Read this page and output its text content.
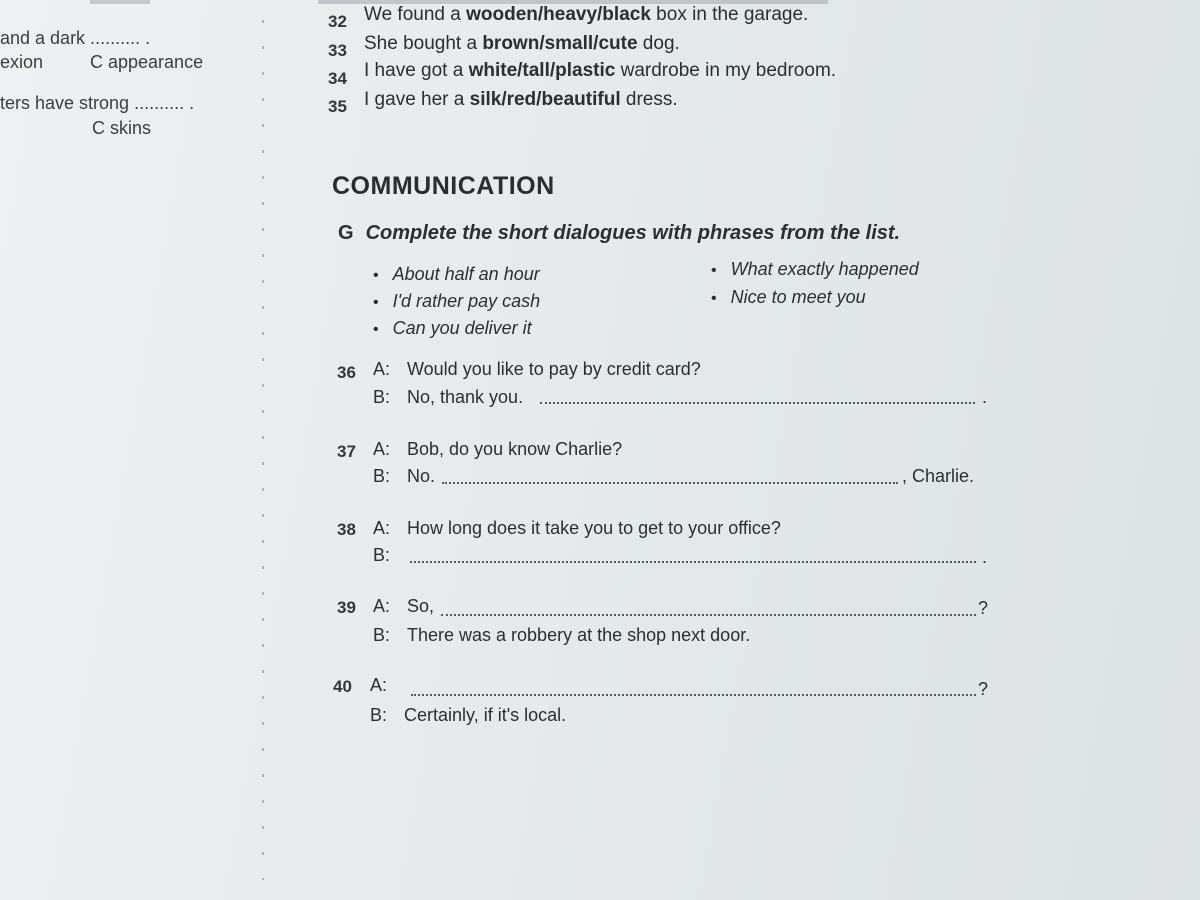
and a dark .......... .
exion	C appearance
ters have strong .......... .
C skins
32 We found a wooden/heavy/black box in the garage.
33 She bought a brown/small/cute dog.
34 I have got a white/tall/plastic wardrobe in my bedroom.
35 I gave her a silk/red/beautiful dress.
COMMUNICATION
G Complete the short dialogues with phrases from the list.
• About half an hour
• I'd rather pay cash
• Can you deliver it
• What exactly happened
• Nice to meet you
36 A: Would you like to pay by credit card?
B: No, thank you.	.
37 A: Bob, do you know Charlie?
B: No.	, Charlie.
38 A: How long does it take you to get to your office?
B:	.
39 A: So,	?
B: There was a robbery at the shop next door.
40 A:	?
B: Certainly, if it's local.
